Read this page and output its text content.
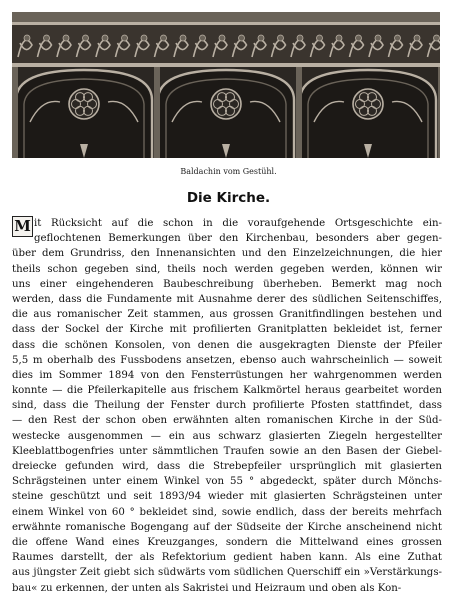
Baldachin vom Gestühl.
Die Kirche.
M it Rücksicht auf die schon in die voraufgehende Ortsgeschichte ein-
geflochtenen Bemerkungen über den Kirchenbau, besonders aber gegen-
über dem Grundriss, den Innenansichten und den Einzelzeichnungen, die hier
theils schon gegeben sind, theils noch werden gegeben werden, können wir
uns einer eingehenderen Baubeschreibung überheben. Bemerkt mag noch
werden, dass die Fundamente mit Ausnahme derer des südlichen Seitenschiffes,
die aus romanischer Zeit stammen, aus grossen Granitfindlingen bestehen und
dass der Sockel der Kirche mit profilierten Granitplatten bekleidet ist, ferner
dass die schönen Konsolen, von denen die ausgekragten Dienste der Pfeiler
5,5 m oberhalb des Fussbodens ansetzen, ebenso auch wahrscheinlich — soweit
dies im Sommer 1894 von den Fensterrüstungen her wahrgenommen werden
konnte — die Pfeilerkapitelle aus frischem Kalkmörtel heraus gearbeitet worden
sind, dass die Theilung der Fenster durch profilierte Pfosten stattfindet, dass
— den Rest der schon oben erwähnten alten romanischen Kirche in der Süd-
westecke ausgenommen — ein aus schwarz glasierten Ziegeln hergestellter
Kleeblattbogenfries unter sämmtlichen Traufen sowie an den Basen der Giebel-
dreiecke gefunden wird, dass die Strebepfeiler ursprünglich mit glasierten
Schrägsteinen unter einem Winkel von 55 ° abgedeckt, später durch Mönchs-
steine geschützt und seit 1893/94 wieder mit glasierten Schrägsteinen unter
einem Winkel von 60 ° bekleidet sind, sowie endlich, dass der bereits mehrfach
erwähnte romanische Bogengang auf der Südseite der Kirche anscheinend nicht
die offene Wand eines Kreuzganges, sondern die Mittelwand eines grossen
Raumes darstellt, der als Refektorium gedient haben kann. Als eine Zuthat
aus jüngster Zeit giebt sich südwärts vom südlichen Querschiff ein »Verstärkungs-
bau« zu erkennen, der unten als Sakristei und Heizraum und oben als Kon-
